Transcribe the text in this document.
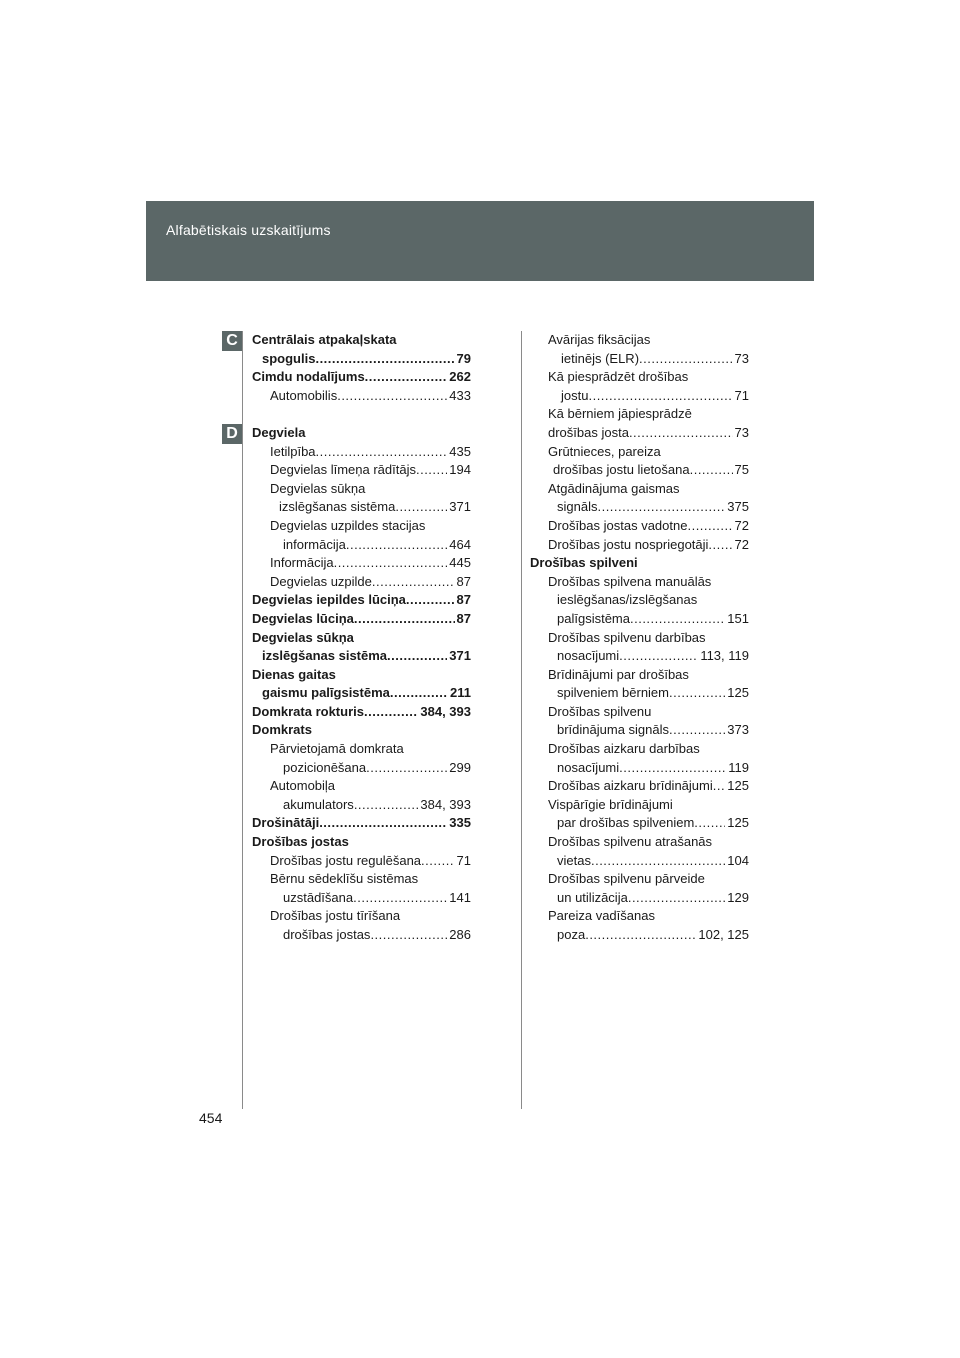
Alfabētiskais uzskaitījums
C
D
Centrālais atpakaļskata
spogulis .....	79
Cimdu nodalījums .....	262
Automobilis .....	433
Degviela
Ietilpība .....	435
Degvielas līmeņa rādītājs .....	194
Degvielas sūkņa
izslēgšanas sistēma .....	371
Degvielas uzpildes stacijas
informācija .....	464
Informācija .....	445
Degvielas uzpilde .....	87
Degvielas iepildes lūciņa .....	87
Degvielas lūciņa .....	87
Degvielas sūkņa
izslēgšanas sistēma .....	371
Dienas gaitas
gaismu palīgsistēma .....	211
Domkrata rokturis .....	384, 393
Domkrats
Pārvietojamā domkrata
pozicionēšana .....	299
Automobiļa
akumulators .....	384, 393
Drošinātāji .....	335
Drošības jostas
Drošības jostu regulēšana .....	71
Bērnu sēdeklīšu sistēmas
uzstādīšana .....	141
Drošības jostu tīrīšana
drošības jostas .....	286
Avārijas fiksācijas
ietinējs (ELR) .....	73
Kā piesprādzēt drošības
jostu .....	71
Kā bērniem jāpiesprādzē
drošības josta .....	73
Grūtnieces, pareiza
drošības jostu lietošana .....	75
Atgādinājuma gaismas
signāls .....	375
Drošības jostas vadotne .....	72
Drošības jostu nospriegotāji ..... 72
Drošības spilveni
Drošības spilvena manuālās
ieslēgšanas/izslēgšanas
palīgsistēma .....	151
Drošības spilvenu darbības
nosacījumi .....	113, 119
Brīdinājumi par drošības
spilveniem bērniem .....	125
Drošības spilvenu
brīdinājuma signāls .....	373
Drošības aizkaru darbības
nosacījumi .....	119
Drošības aizkaru brīdinājumi ..... 125
Vispārīgie brīdinājumi
par drošības spilveniem .....	125
Drošības spilvenu atrašanās
vietas .....	104
Drošības spilvenu pārveide
un utilizācija .....	129
Pareiza vadīšanas
poza .....	102, 125
454
